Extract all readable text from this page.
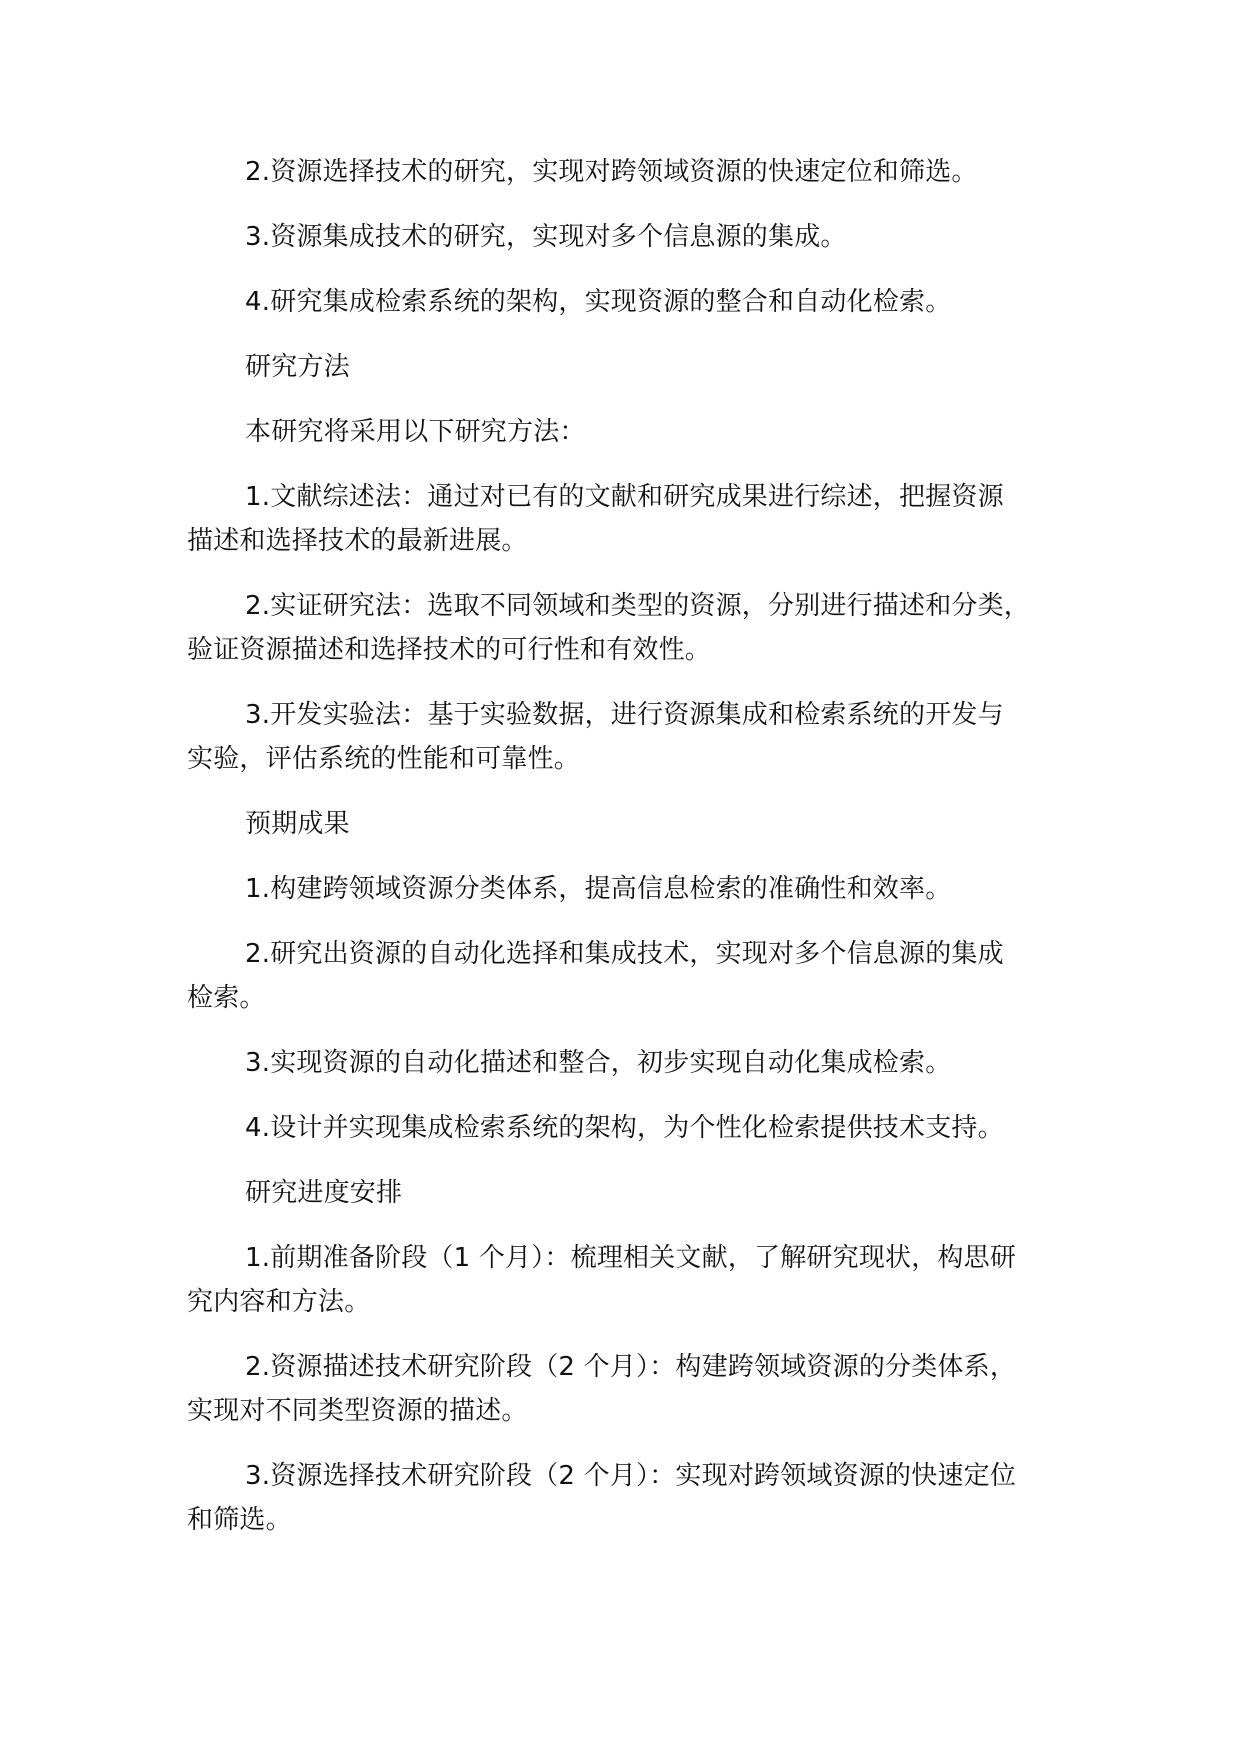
2.资源选择技术的研究，实现对跨领域资源的快速定位和筛选。
3.资源集成技术的研究，实现对多个信息源的集成。
4.研究集成检索系统的架构，实现资源的整合和自动化检索。
研究方法
本研究将采用以下研究方法：
1.文献综述法：通过对已有的文献和研究成果进行综述，把握资源
描述和选择技术的最新进展。
2.实证研究法：选取不同领域和类型的资源，分别进行描述和分类，
验证资源描述和选择技术的可行性和有效性。
3.开发实验法：基于实验数据，进行资源集成和检索系统的开发与
实验，评估系统的性能和可靠性。
预期成果
1.构建跨领域资源分类体系，提高信息检索的准确性和效率。
2.研究出资源的自动化选择和集成技术，实现对多个信息源的集成
检索。
3.实现资源的自动化描述和整合，初步实现自动化集成检索。
4.设计并实现集成检索系统的架构，为个性化检索提供技术支持。
研究进度安排
1.前期准备阶段（1 个月）：梳理相关文献，了解研究现状，构思研
究内容和方法。
2.资源描述技术研究阶段（2 个月）：构建跨领域资源的分类体系，
实现对不同类型资源的描述。
3.资源选择技术研究阶段（2 个月）：实现对跨领域资源的快速定位
和筛选。
